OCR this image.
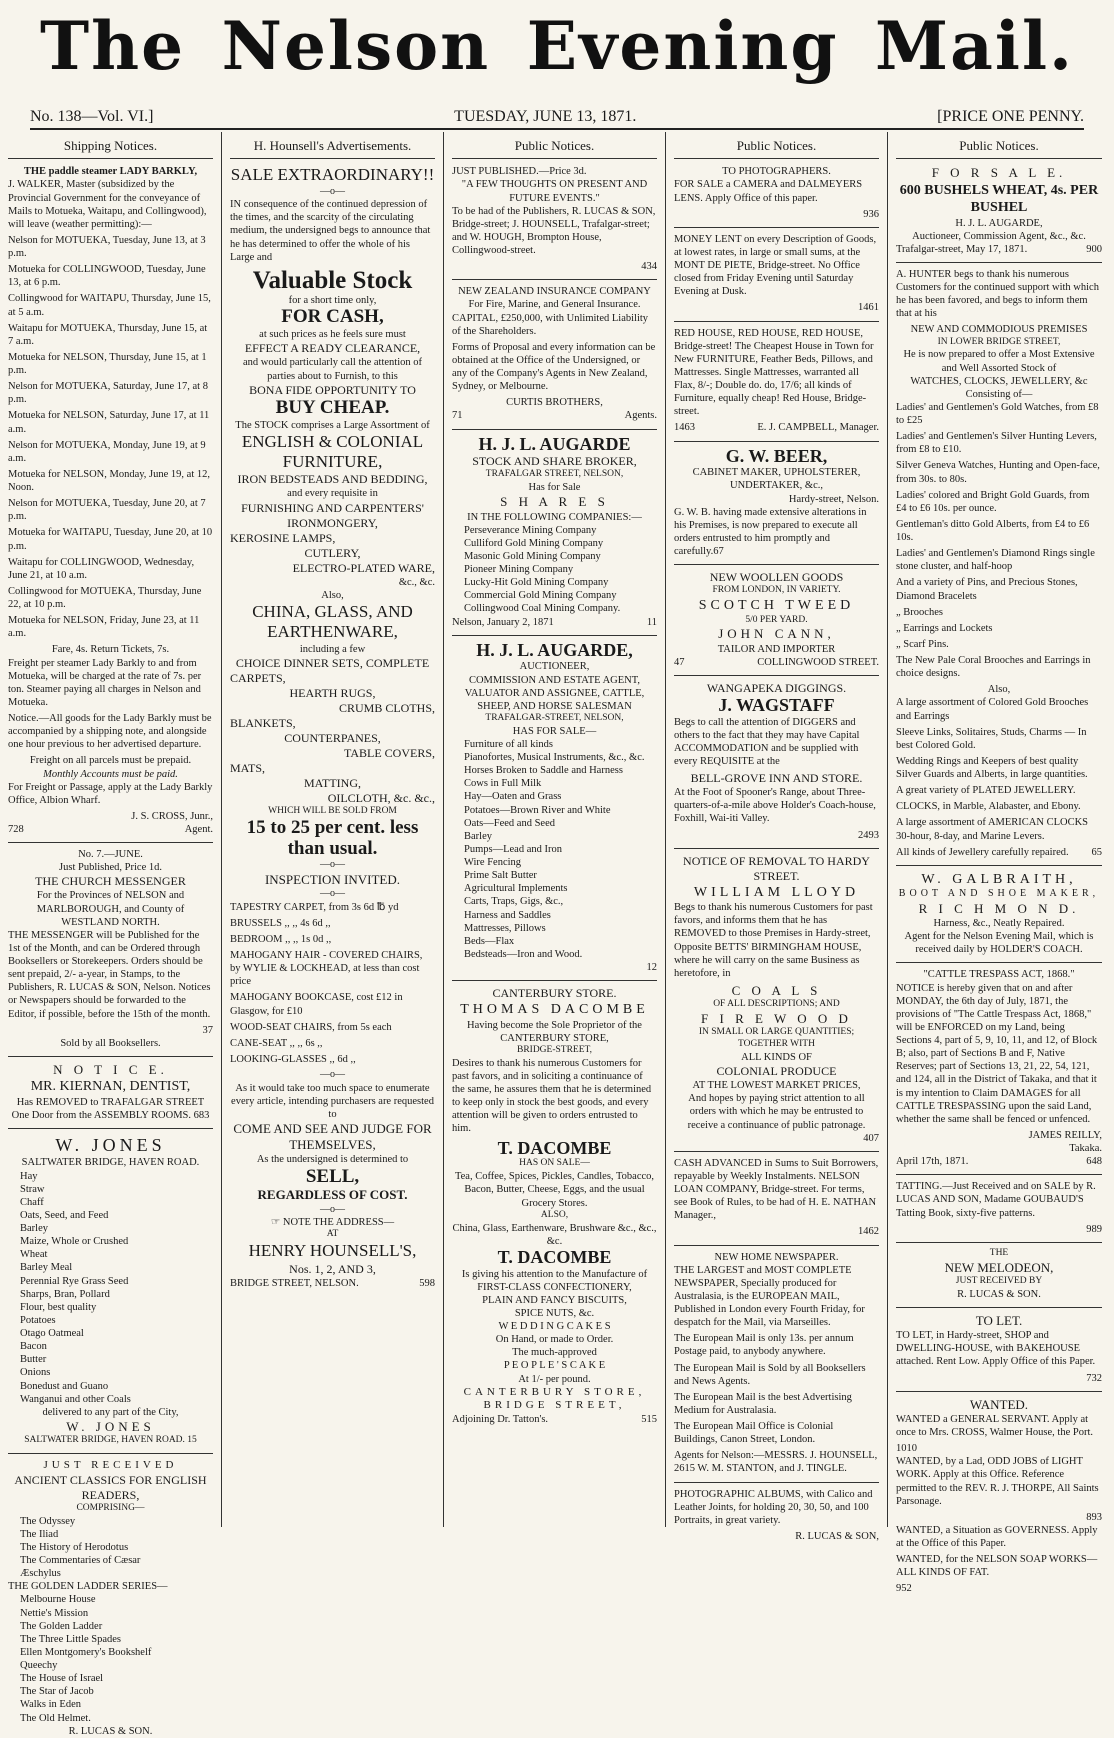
The Nelson Evening Mail.
No. 138—Vol. VI.]	TUESDAY, JUNE 13, 1871.	[PRICE ONE PENNY.
Shipping Notices.
THE paddle steamer LADY BARKLY,

J. WALKER, Master (subsidized by the Provincial Government for the conveyance of Mails to Motueka, Waitapu, and Collingwood), will leave (weather permitting):—

Nelson for MOTUEKA, Tuesday, June 13, at 3 p.m.

Motueka for COLLINGWOOD, Tuesday, June 13, at 6 p.m.

Collingwood for WAITAPU, Thursday, June 15, at 5 a.m.

Waitapu for MOTUEKA, Thursday, June 15, at 7 a.m.

Motueka for NELSON, Thursday, June 15, at 1 p.m.

Nelson for MOTUEKA, Saturday, June 17, at 8 p.m.

Motueka for NELSON, Saturday, June 17, at 11 a.m.

Nelson for MOTUEKA, Monday, June 19, at 9 a.m.

Motueka for NELSON, Monday, June 19, at 12, Noon.

Nelson for MOTUEKA, Tuesday, June 20, at 7 p.m.

Motueka for WAITAPU, Tuesday, June 20, at 10 p.m.

Waitapu for COLLINGWOOD, Wednesday, June 21, at 10 a.m.

Collingwood for MOTUEKA, Thursday, June 22, at 10 p.m.

Motueka for NELSON, Friday, June 23, at 11 a.m.

Fare, 4s. Return Tickets, 7s.

Freight per steamer Lady Barkly to and from Motueka, will be charged at the rate of 7s. per ton. Steamer paying all charges in Nelson and Motueka.

Notice.—All goods for the Lady Barkly must be accompanied by a shipping note, and alongside one hour previous to her advertised departure.

Freight on all parcels must be prepaid.
Monthly Accounts must be paid.

For Freight or Passage, apply at the Lady Barkly Office, Albion Wharf.

J. S. CROSS, Junr.,
728	Agent.
No. 7.—JUNE.
Just Published, Price 1d.
THE CHURCH MESSENGER
For the Provinces of NELSON and MARLBOROUGH, and County of WESTLAND NORTH.

THE MESSENGER will be Published for the 1st of the Month, and can be Ordered through Booksellers or Storekeepers. Orders should be sent prepaid, 2/- a-year, in Stamps, to the Publishers, R. LUCAS & SON, Nelson. Notices or Newspapers should be forwarded to the Editor, if possible, before the 15th of the month.

37
Sold by all Booksellers.
N O T I C E.
MR. KIERNAN, DENTIST,
Has REMOVED to TRAFALGAR STREET One Door from the ASSEMBLY ROOMS. 683
W. JONES
SALTWATER BRIDGE, HAVEN ROAD.
Hay
Straw
Chaff
Oats, Seed, and Feed
Barley
Maize, Whole or Crushed
Wheat
Barley Meal
Perennial Rye Grass Seed
Sharps, Bran, Pollard
Flour, best quality
Potatoes
Otago Oatmeal
Bacon
Butter
Onions
Bonedust and Guano
Wanganui and other Coals
delivered to any part of the City,
W. JONES
SALTWATER BRIDGE, HAVEN ROAD. 15
JUST RECEIVED
ANCIENT CLASSICS FOR ENGLISH READERS,
COMPRISING—
The Odyssey
The Iliad
The History of Herodotus
The Commentaries of Cæsar
Æschylus
THE GOLDEN LADDER SERIES—
Melbourne House
Nettie's Mission
The Golden Ladder
The Three Little Spades
Ellen Montgomery's Bookshelf
Queechy
The House of Israel
The Star of Jacob
Walks in Eden
The Old Helmet.
R. LUCAS & SON.
H. Hounsell's Advertisements.
SALE EXTRAORDINARY!!
—o—

IN consequence of the continued depression of the times, and the scarcity of the circulating medium, the undersigned begs to announce that he has determined to offer the whole of his Large and

Valuable Stock
for a short time only,
FOR CASH,
at such prices as he feels sure must
EFFECT A READY CLEARANCE,
and would particularly call the attention of parties about to Furnish, to this
BONA FIDE OPPORTUNITY TO
BUY CHEAP.
The STOCK comprises a Large Assortment of
ENGLISH & COLONIAL FURNITURE,
IRON BEDSTEADS AND BEDDING,
and every requisite in
FURNISHING AND CARPENTERS' IRONMONGERY,
KEROSINE LAMPS,
CUTLERY,
ELECTRO-PLATED WARE,
&c., &c.
Also,
CHINA, GLASS, AND EARTHENWARE,
including a few
CHOICE DINNER SETS, COMPLETE
CARPETS,
HEARTH RUGS,
CRUMB CLOTHS,
BLANKETS,
COUNTERPANES,
TABLE COVERS,
MATS,
MATTING,
OILCLOTH, &c. &c.,
WHICH WILL BE SOLD FROM
15 to 25 per cent. less than usual.
—o—
INSPECTION INVITED.
—o—

TAPESTRY CARPET, from 3s 6d ℔ yd

BRUSSELS ,, ,, 4s 6d ,,

BEDROOM ,, ,, 1s 0d ,,

MAHOGANY HAIR - COVERED CHAIRS, by WYLIE & LOCKHEAD, at less than cost price

MAHOGANY BOOKCASE, cost £12 in Glasgow, for £10

WOOD-SEAT CHAIRS, from 5s each

CANE-SEAT ,, ,, 6s ,,

LOOKING-GLASSES ,, 6d ,,

—o—
As it would take too much space to enumerate every article, intending purchasers are requested to
COME AND SEE AND JUDGE FOR THEMSELVES,
As the undersigned is determined to
SELL,
REGARDLESS OF COST.
—o—
☞ NOTE THE ADDRESS—
AT
HENRY HOUNSELL'S,
Nos. 1, 2, AND 3,
BRIDGE STREET, NELSON.	598
Public Notices.
JUST PUBLISHED.—Price 3d.
"A FEW THOUGHTS ON PRESENT AND FUTURE EVENTS."

To be had of the Publishers, R. LUCAS & SON, Bridge-street; J. HOUNSELL, Trafalgar-street; and W. HOUGH, Brompton House, Collingwood-street.

434
NEW ZEALAND INSURANCE COMPANY For Fire, Marine, and General Insurance.

CAPITAL, £250,000, with Unlimited Liability of the Shareholders.

Forms of Proposal and every information can be obtained at the Office of the Undersigned, or any of the Company's Agents in New Zealand, Sydney, or Melbourne.

CURTIS BROTHERS,
71	Agents.
H. J. L. AUGARDE
STOCK AND SHARE BROKER,
TRAFALGAR STREET, NELSON,
Has for Sale
S H A R E S
IN THE FOLLOWING COMPANIES:—
Perseverance Mining Company
Culliford Gold Mining Company
Masonic Gold Mining Company
Pioneer Mining Company
Lucky-Hit Gold Mining Company
Commercial Gold Mining Company
Collingwood Coal Mining Company.
Nelson, January 2, 1871	11
H. J. L. AUGARDE,
AUCTIONEER,
COMMISSION AND ESTATE AGENT, VALUATOR AND ASSIGNEE, CATTLE, SHEEP, AND HORSE SALESMAN
TRAFALGAR-STREET, NELSON,
HAS FOR SALE—
Furniture of all kinds
Pianofortes, Musical Instruments, &c., &c.
Horses Broken to Saddle and Harness
Cows in Full Milk
Hay—Oaten and Grass
Potatoes—Brown River and White
Oats—Feed and Seed
Barley
Pumps—Lead and Iron
Wire Fencing
Prime Salt Butter
Agricultural Implements
Carts, Traps, Gigs, &c.,
Harness and Saddles
Mattresses, Pillows
Beds—Flax
Bedsteads—Iron and Wood.
12
CANTERBURY STORE.
THOMAS DACOMBE
Having become the Sole Proprietor of the
CANTERBURY STORE,
BRIDGE-STREET,

Desires to thank his numerous Customers for past favors, and in soliciting a continuance of the same, he assures them that he is determined to keep only in stock the best goods, and every attention will be given to orders entrusted to him.

T. DACOMBE
HAS ON SALE—
Tea, Coffee, Spices, Pickles, Candles, Tobacco, Bacon, Butter, Cheese, Eggs, and the usual Grocery Stores.
ALSO,
China, Glass, Earthenware, Brushware &c., &c., &c.
T. DACOMBE
Is giving his attention to the Manufacture of
FIRST-CLASS CONFECTIONERY,
PLAIN AND FANCY BISCUITS,
SPICE NUTS, &c.
W E D D I N G C A K E S
On Hand, or made to Order.
The much-approved
P E O P L E ' S C A K E
At 1/- per pound.
CANTERBURY STORE,
BRIDGE STREET,
Adjoining Dr. Tatton's.	515
Public Notices.
TO PHOTOGRAPHERS.

FOR SALE a CAMERA and DALMEYERS LENS. Apply Office of this paper.

936

MONEY LENT on every Description of Goods, at lowest rates, in large or small sums, at the MONT DE PIETE, Bridge-street. No Office closed from Friday Evening until Saturday Evening at Dusk.

1461

RED HOUSE, RED HOUSE, RED HOUSE, Bridge-street! The Cheapest House in Town for New FURNITURE, Feather Beds, Pillows, and Mattresses. Single Mattresses, warranted all Flax, 8/-; Double do. do, 17/6; all kinds of Furniture, equally cheap! Red House, Bridge-street.

1463	E. J. CAMPBELL, Manager.
G. W. BEER,
CABINET MAKER, UPHOLSTERER, UNDERTAKER, &c.,
Hardy-street, Nelson.

G. W. B. having made extensive alterations in his Premises, is now prepared to execute all orders entrusted to him promptly and carefully.67

NEW WOOLLEN GOODS
FROM LONDON, IN VARIETY.
SCOTCH TWEED
5/0 PER YARD.
JOHN CANN,
TAILOR AND IMPORTER
47	COLLINGWOOD STREET.
WANGAPEKA DIGGINGS.
J. WAGSTAFF

Begs to call the attention of DIGGERS and others to the fact that they may have Capital ACCOMMODATION and be supplied with every REQUISITE at the

BELL-GROVE INN AND STORE.

At the Foot of Spooner's Range, about Three-quarters-of-a-mile above Holder's Coach-house, Foxhill, Wai-iti Valley.

2493
NOTICE OF REMOVAL TO HARDY STREET.
WILLIAM LLOYD

Begs to thank his numerous Customers for past favors, and informs them that he has REMOVED to those Premises in Hardy-street, Opposite BETTS' BIRMINGHAM HOUSE, where he will carry on the same Business as heretofore, in

C O A L S
OF ALL DESCRIPTIONS; AND
F I R E W O O D
IN SMALL OR LARGE QUANTITIES; TOGETHER WITH
ALL KINDS OF
COLONIAL PRODUCE
AT THE LOWEST MARKET PRICES,
And hopes by paying strict attention to all orders with which he may be entrusted to receive a continuance of public patronage.
407

CASH ADVANCED in Sums to Suit Borrowers, repayable by Weekly Instalments. NELSON LOAN COMPANY, Bridge-street. For terms, see Book of Rules, to be had of H. E. NATHAN Manager.,

1462
NEW HOME NEWSPAPER.

THE LARGEST and MOST COMPLETE NEWSPAPER, Specially produced for Australasia, is the EUROPEAN MAIL, Published in London every Fourth Friday, for despatch for the Mail, via Marseilles.

The European Mail is only 13s. per annum Postage paid, to anybody anywhere.

The European Mail is Sold by all Booksellers and News Agents.

The European Mail is the best Advertising Medium for Australasia.

The European Mail Office is Colonial Buildings, Canon Street, London.

Agents for Nelson:—MESSRS. J. HOUNSELL, 2615 W. M. STANTON, and J. TINGLE.

PHOTOGRAPHIC ALBUMS, with Calico and Leather Joints, for holding 20, 30, 50, and 100 Portraits, in great variety.

R. LUCAS & SON,
Public Notices.
F O R S A L E.
600 BUSHELS WHEAT, 4s. PER BUSHEL
H. J. L. AUGARDE,
Auctioneer, Commission Agent, &c., &c.
Trafalgar-street, May 17, 1871.	900

A. HUNTER begs to thank his numerous Customers for the continued support with which he has been favored, and begs to inform them that at his

NEW AND COMMODIOUS PREMISES
IN LOWER BRIDGE STREET,
He is now prepared to offer a Most Extensive and Well Assorted Stock of
WATCHES, CLOCKS, JEWELLERY, &c
Consisting of—

Ladies' and Gentlemen's Gold Watches, from £8 to £25

Ladies' and Gentlemen's Silver Hunting Levers, from £8 to £10.

Silver Geneva Watches, Hunting and Open-face, from 30s. to 80s.

Ladies' colored and Bright Gold Guards, from £4 to £6 10s. per ounce.

Gentleman's ditto Gold Alberts, from £4 to £6 10s.

Ladies' and Gentlemen's Diamond Rings single stone cluster, and half-hoop

And a variety of Pins, and Precious Stones, Diamond Bracelets

„ Brooches

„ Earrings and Lockets

„ Scarf Pins.

The New Pale Coral Brooches and Earrings in choice designs.

Also,

A large assortment of Colored Gold Brooches and Earrings

Sleeve Links, Solitaires, Studs, Charms — In best Colored Gold.

Wedding Rings and Keepers of best quality Silver Guards and Alberts, in large quantities.

A great variety of PLATED JEWELLERY.

CLOCKS, in Marble, Alabaster, and Ebony.

A large assortment of AMERICAN CLOCKS 30-hour, 8-day, and Marine Levers.

All kinds of Jewellery carefully repaired. 65
W. GALBRAITH,
BOOT AND SHOE MAKER,
R I C H M O N D.
Harness, &c., Neatly Repaired.
Agent for the Nelson Evening Mail, which is received daily by HOLDER'S COACH.
"CATTLE TRESPASS ACT, 1868."

NOTICE is hereby given that on and after MONDAY, the 6th day of July, 1871, the provisions of "The Cattle Trespass Act, 1868," will be ENFORCED on my Land, being Sections 4, part of 5, 9, 10, 11, and 12, of Block B; also, part of Sections B and F, Native Reserves; part of Sections 13, 21, 22, 54, 121, and 124, all in the District of Takaka, and that it is my intention to Claim DAMAGES for all CATTLE TRESPASSING upon the said Land, whether the same shall be fenced or unfenced.

JAMES REILLY,
Takaka.
April 17th, 1871.	648

TATTING.—Just Received and on SALE by R. LUCAS AND SON, Madame GOUBAUD'S Tatting Book, sixty-five patterns.

989
THE
NEW MELODEON,
JUST RECEIVED BY
R. LUCAS & SON.
TO LET.

TO LET, in Hardy-street, SHOP and DWELLING-HOUSE, with BAKEHOUSE attached. Rent Low. Apply Office of this Paper.

732
WANTED.

WANTED a GENERAL SERVANT. Apply at once to Mrs. CROSS, Walmer House, the Port.

1010

WANTED, by a Lad, ODD JOBS of LIGHT WORK. Apply at this Office. Reference permitted to the REV. R. J. THORPE, All Saints Parsonage.

893

WANTED, a Situation as GOVERNESS. Apply at the Office of this Paper.

WANTED, for the NELSON SOAP WORKS— ALL KINDS OF FAT.

952
